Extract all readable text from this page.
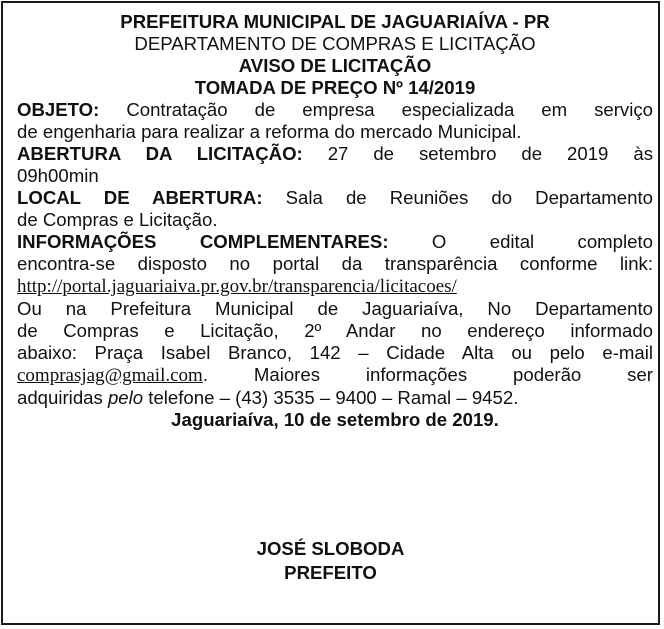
PREFEITURA MUNICIPAL DE JAGUARIAÍVA - PR
DEPARTAMENTO DE COMPRAS E LICITAÇÃO
AVISO DE LICITAÇÃO
TOMADA DE PREÇO Nº 14/2019
OBJETO: Contratação de empresa especializada em serviço
de engenharia para realizar a reforma do mercado Municipal.
ABERTURA DA LICITAÇÃO: 27 de setembro de 2019 às
09h00min
LOCAL DE ABERTURA: Sala de Reuniões do Departamento
de Compras e Licitação.
INFORMAÇÕES COMPLEMENTARES: O edital completo
encontra-se disposto no portal da transparência conforme link:
http://portal.jaguariaiva.pr.gov.br/transparencia/licitacoes/
Ou na Prefeitura Municipal de Jaguariaíva, No Departamento
de Compras e Licitação, 2º Andar no endereço informado
abaixo: Praça Isabel Branco, 142 – Cidade Alta ou pelo e-mail
comprasjag@gmail.com. Maiores informações poderão ser
adquiridas pelo telefone – (43) 3535 – 9400 – Ramal – 9452.
Jaguariaíva, 10 de setembro de 2019.
JOSÉ SLOBODA
PREFEITO
